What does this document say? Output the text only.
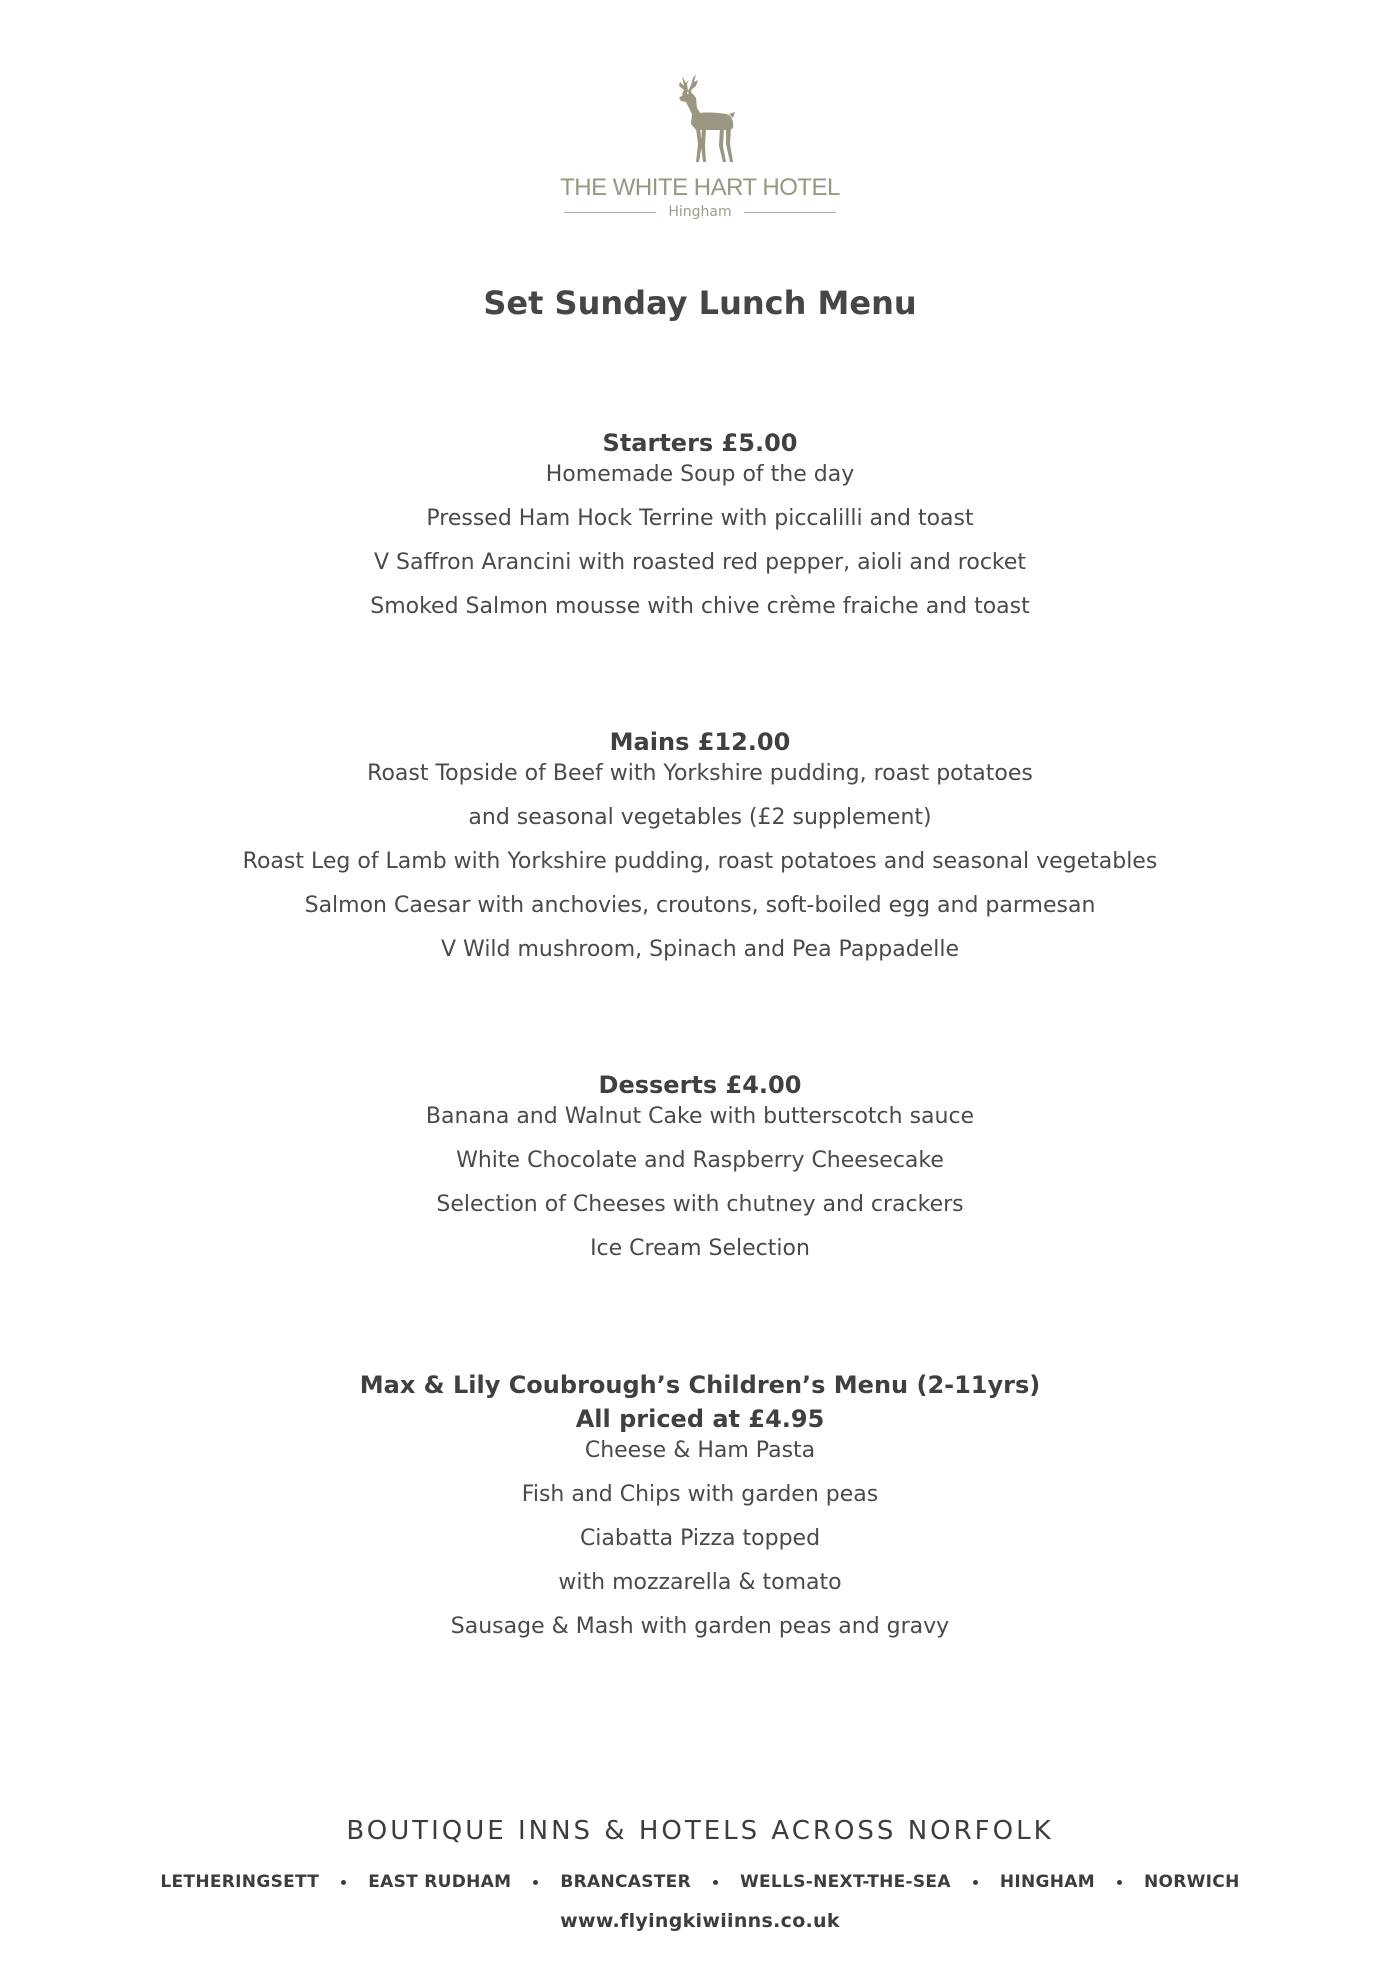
THE WHITE HART HOTEL
Hingham
Set Sunday Lunch Menu
Starters £5.00
Homemade Soup of the day
Pressed Ham Hock Terrine with piccalilli and toast
V Saffron Arancini with roasted red pepper, aioli and rocket
Smoked Salmon mousse with chive crème fraiche and toast
Mains £12.00
Roast Topside of Beef with Yorkshire pudding, roast potatoes
and seasonal vegetables (£2 supplement)
Roast Leg of Lamb with Yorkshire pudding, roast potatoes and seasonal vegetables
Salmon Caesar with anchovies, croutons, soft-boiled egg and parmesan
V Wild mushroom, Spinach and Pea Pappadelle
Desserts £4.00
Banana and Walnut Cake with butterscotch sauce
White Chocolate and Raspberry Cheesecake
Selection of Cheeses with chutney and crackers
Ice Cream Selection
Max & Lily Coubrough’s Children’s Menu (2-11yrs)
All priced at £4.95
Cheese & Ham Pasta
Fish and Chips with garden peas
Ciabatta Pizza topped
with mozzarella & tomato
Sausage & Mash with garden peas and gravy
BOUTIQUE INNS & HOTELS ACROSS NORFOLK
LETHERINGSETT	EAST RUDHAM	BRANCASTER	WELLS-NEXT-THE-SEA	HINGHAM	NORWICH
www.flyingkiwiinns.co.uk
